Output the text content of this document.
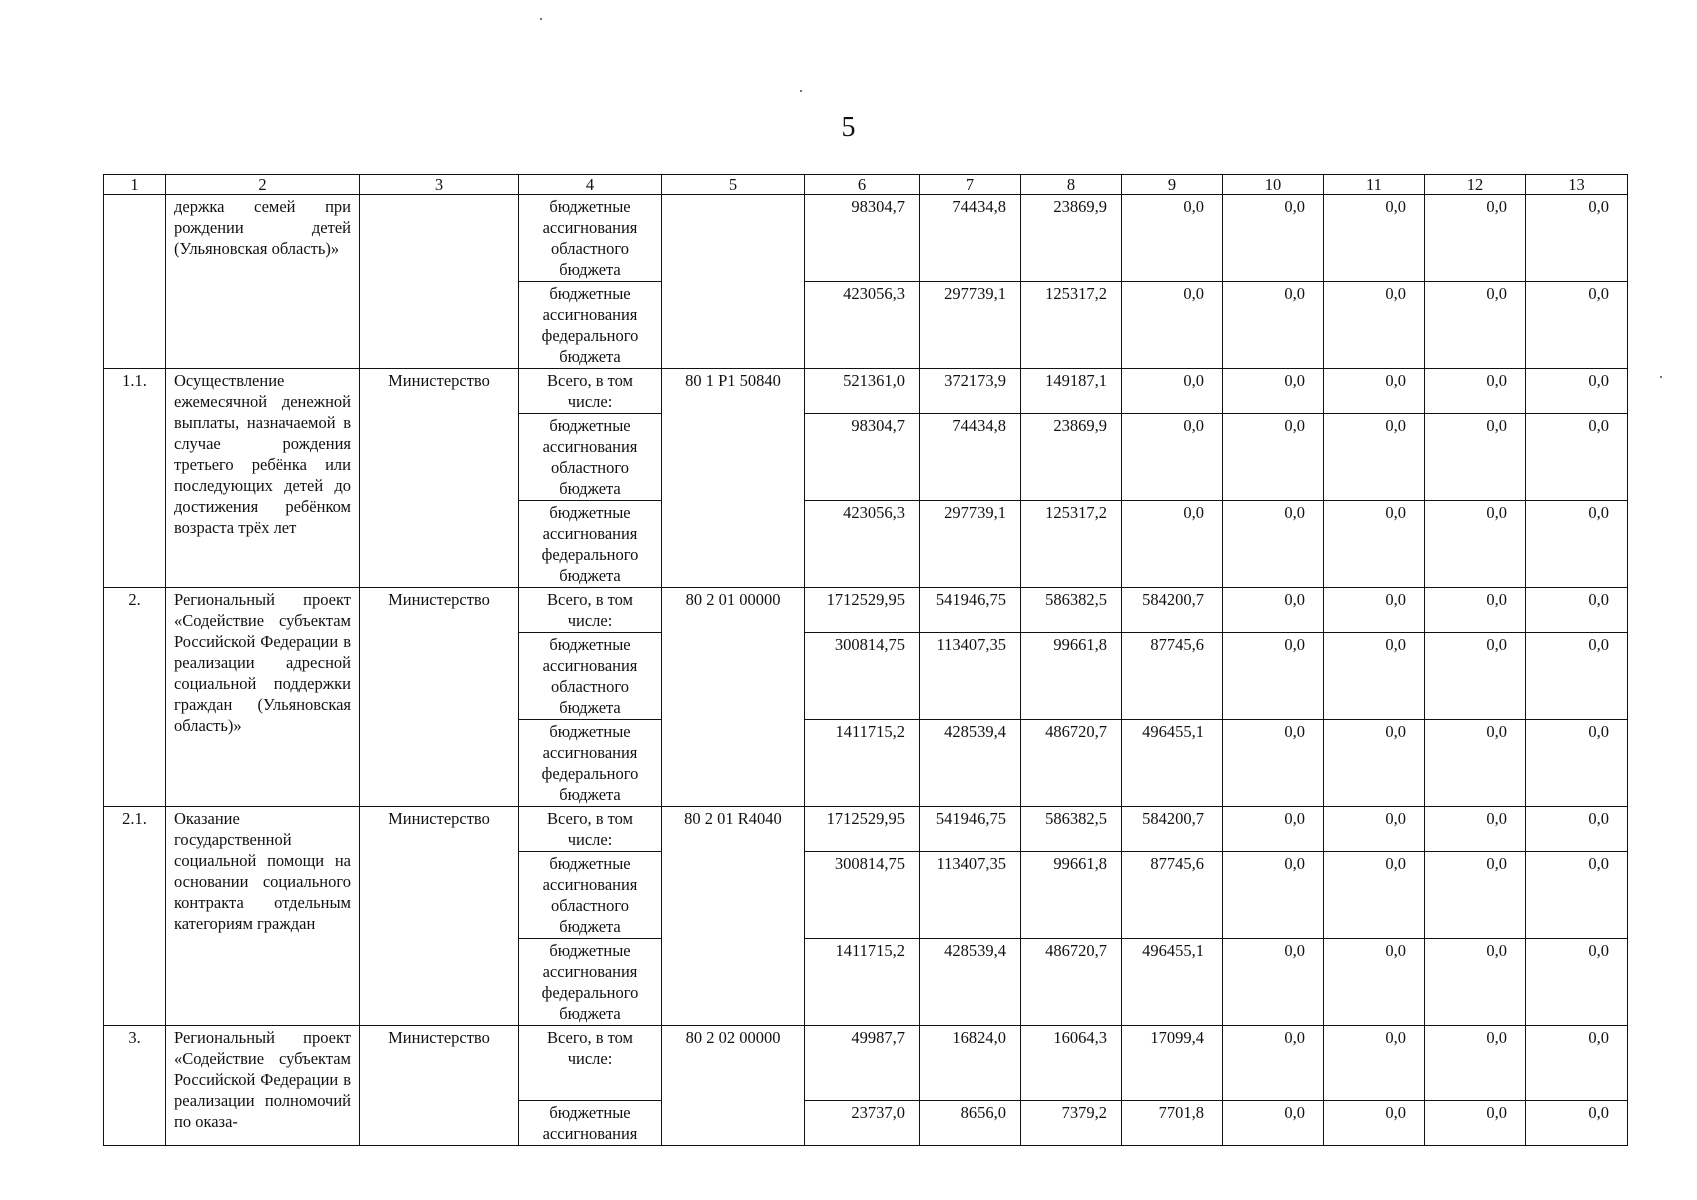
5
1	2	3	4	5	6	7	8	9	10	11	12	13
	держка семей при рождении детей (Ульяновская область)»		бюджетные ассигнования областного бюджета		98304,7	74434,8	23869,9	0,0	0,0	0,0	0,0	0,0
			бюджетные ассигнования федерального бюджета		423056,3	297739,1	125317,2	0,0	0,0	0,0	0,0	0,0
1.1.	Осуществление ежемесячной денежной выплаты, назначаемой в случае рождения третьего ребёнка или последующих детей до достижения ребёнком возраста трёх лет	Министерство	Всего, в том числе:	80 1 P1 50840	521361,0	372173,9	149187,1	0,0	0,0	0,0	0,0	0,0
			бюджетные ассигнования областного бюджета		98304,7	74434,8	23869,9	0,0	0,0	0,0	0,0	0,0
			бюджетные ассигнования федерального бюджета		423056,3	297739,1	125317,2	0,0	0,0	0,0	0,0	0,0
2.	Региональный проект «Содействие субъектам Российской Федерации в реализации адресной социальной поддержки граждан (Ульяновская область)»	Министерство	Всего, в том числе:	80 2 01 00000	1712529,95	541946,75	586382,5	584200,7	0,0	0,0	0,0	0,0
			бюджетные ассигнования областного бюджета		300814,75	113407,35	99661,8	87745,6	0,0	0,0	0,0	0,0
			бюджетные ассигнования федерального бюджета		1411715,2	428539,4	486720,7	496455,1	0,0	0,0	0,0	0,0
2.1.	Оказание государственной социальной помощи на основании социального контракта отдельным категориям граждан	Министерство	Всего, в том числе:	80 2 01 R4040	1712529,95	541946,75	586382,5	584200,7	0,0	0,0	0,0	0,0
			бюджетные ассигнования областного бюджета		300814,75	113407,35	99661,8	87745,6	0,0	0,0	0,0	0,0
			бюджетные ассигнования федерального бюджета		1411715,2	428539,4	486720,7	496455,1	0,0	0,0	0,0	0,0
3.	Региональный проект «Содействие субъектам Российской Федерации в реализации полномочий по оказа-	Министерство	Всего, в том числе:	80 2 02 00000	49987,7	16824,0	16064,3	17099,4	0,0	0,0	0,0	0,0
			бюджетные ассигнования		23737,0	8656,0	7379,2	7701,8	0,0	0,0	0,0	0,0
